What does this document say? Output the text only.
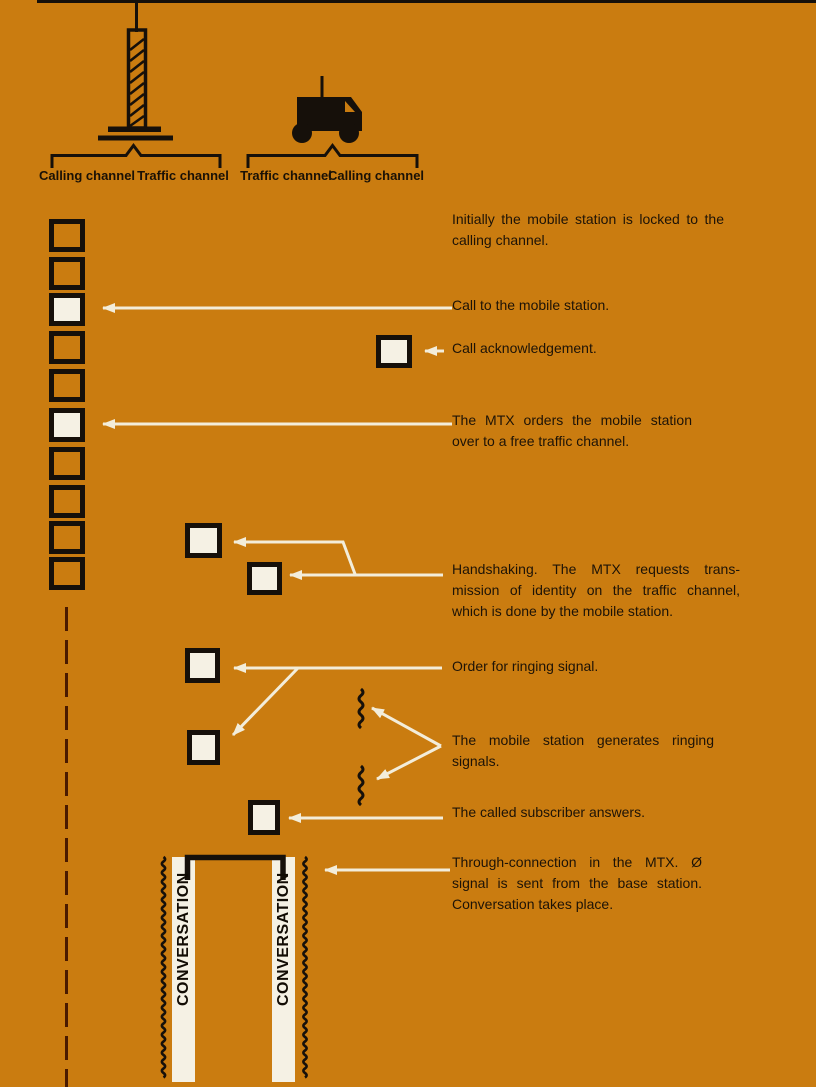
Calling channel Traffic channel Traffic channel
Calling channel
Initially the mobile station is locked to the calling channel.
Call to the mobile station.
Call acknowledgement.
The MTX orders the mobile station over to a free traffic channel.
Handshaking. The MTX requests trans-mission of identity on the traffic channel, which is done by the mobile station.
Order for ringing signal.
The mobile station generates ringing signals.
The called subscriber answers.
Through-connection in the MTX. Ø signal is sent from the base station. Conversation takes place.
CONVERSATION	CONVERSATION
